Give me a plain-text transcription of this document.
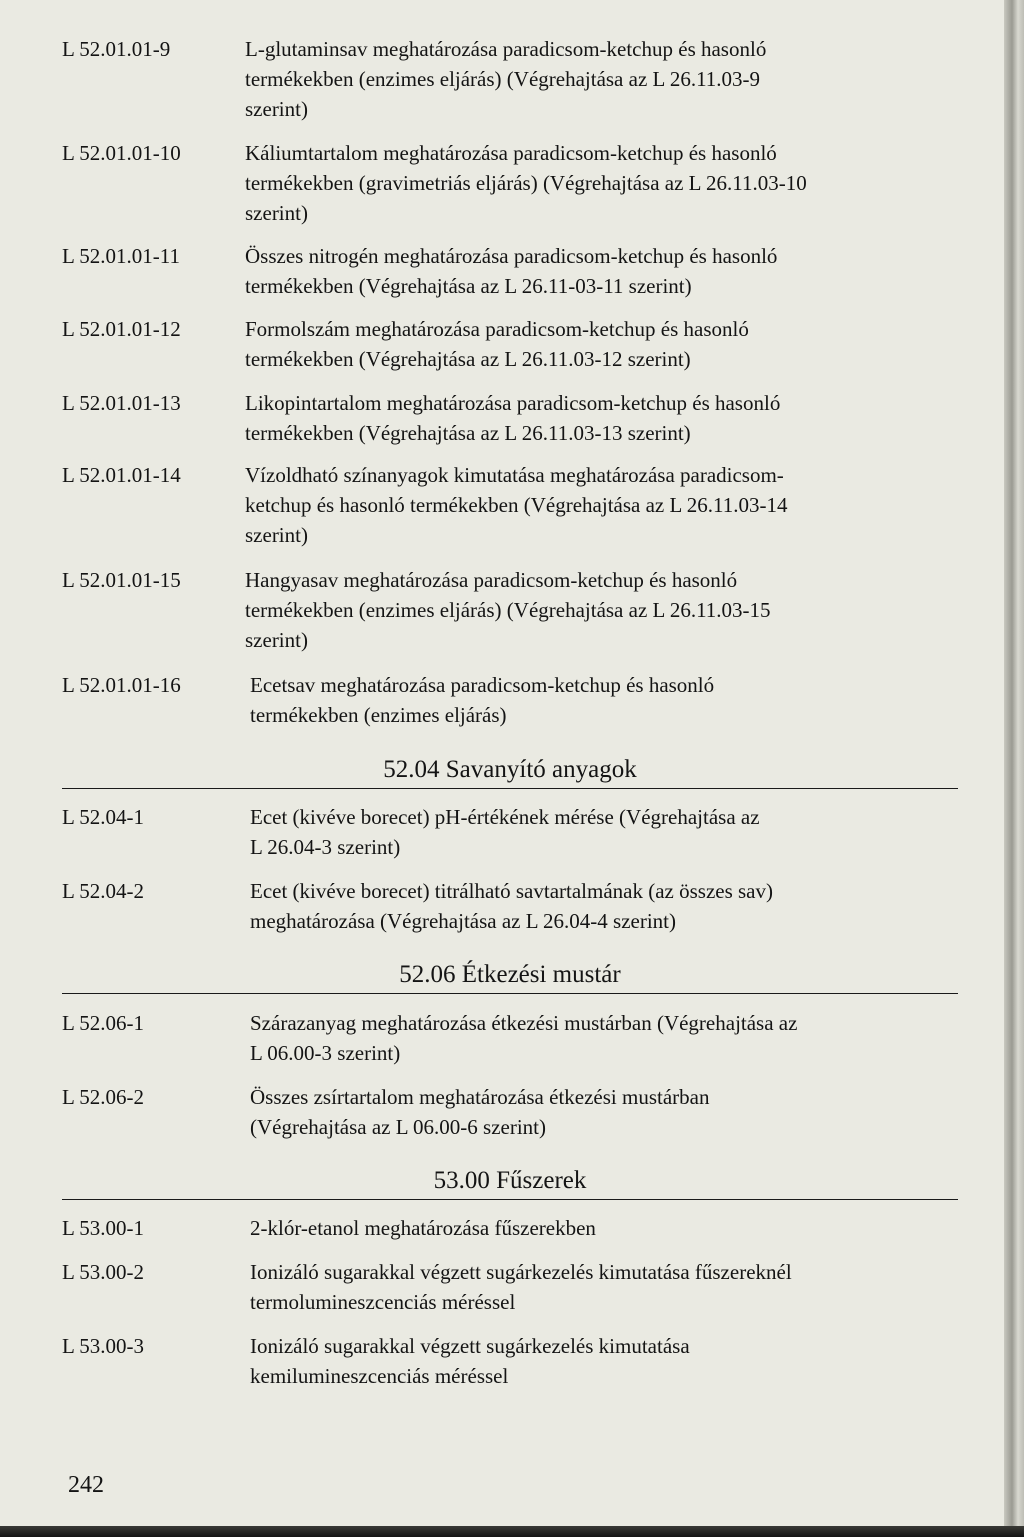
L 52.01.01-9	L-glutaminsav meghatározása paradicsom-ketchup és hasonló
termékekben (enzimes eljárás) (Végrehajtása az L 26.11.03-9
szerint)
L 52.01.01-10	Káliumtartalom meghatározása paradicsom-ketchup és hasonló
termékekben (gravimetriás eljárás) (Végrehajtása az L 26.11.03-10
szerint)
L 52.01.01-11	Összes nitrogén meghatározása paradicsom-ketchup és hasonló
termékekben (Végrehajtása az L 26.11-03-11 szerint)
L 52.01.01-12	Formolszám meghatározása paradicsom-ketchup és hasonló
termékekben (Végrehajtása az L 26.11.03-12 szerint)
L 52.01.01-13	Likopintartalom meghatározása paradicsom-ketchup és hasonló
termékekben (Végrehajtása az L 26.11.03-13 szerint)
L 52.01.01-14	Vízoldható színanyagok kimutatása meghatározása paradicsom-
ketchup és hasonló termékekben (Végrehajtása az L 26.11.03-14
szerint)
L 52.01.01-15	Hangyasav meghatározása paradicsom-ketchup és hasonló
termékekben (enzimes eljárás) (Végrehajtása az L 26.11.03-15
szerint)
L 52.01.01-16	Ecetsav meghatározása paradicsom-ketchup és hasonló
termékekben (enzimes eljárás)
52.04 Savanyító anyagok
L 52.04-1	Ecet (kivéve borecet) pH-értékének mérése (Végrehajtása az
L 26.04-3 szerint)
L 52.04-2	Ecet (kivéve borecet) titrálható savtartalmának (az összes sav)
meghatározása (Végrehajtása az L 26.04-4 szerint)
52.06 Étkezési mustár
L 52.06-1	Szárazanyag meghatározása étkezési mustárban (Végrehajtása az
L 06.00-3 szerint)
L 52.06-2	Összes zsírtartalom meghatározása étkezési mustárban
(Végrehajtása az L 06.00-6 szerint)
53.00 Fűszerek
L 53.00-1	2-klór-etanol meghatározása fűszerekben
L 53.00-2	Ionizáló sugarakkal végzett sugárkezelés kimutatása fűszereknél
termolumineszcenciás méréssel
L 53.00-3	Ionizáló sugarakkal végzett sugárkezelés kimutatása
kemilumineszcenciás méréssel
242
